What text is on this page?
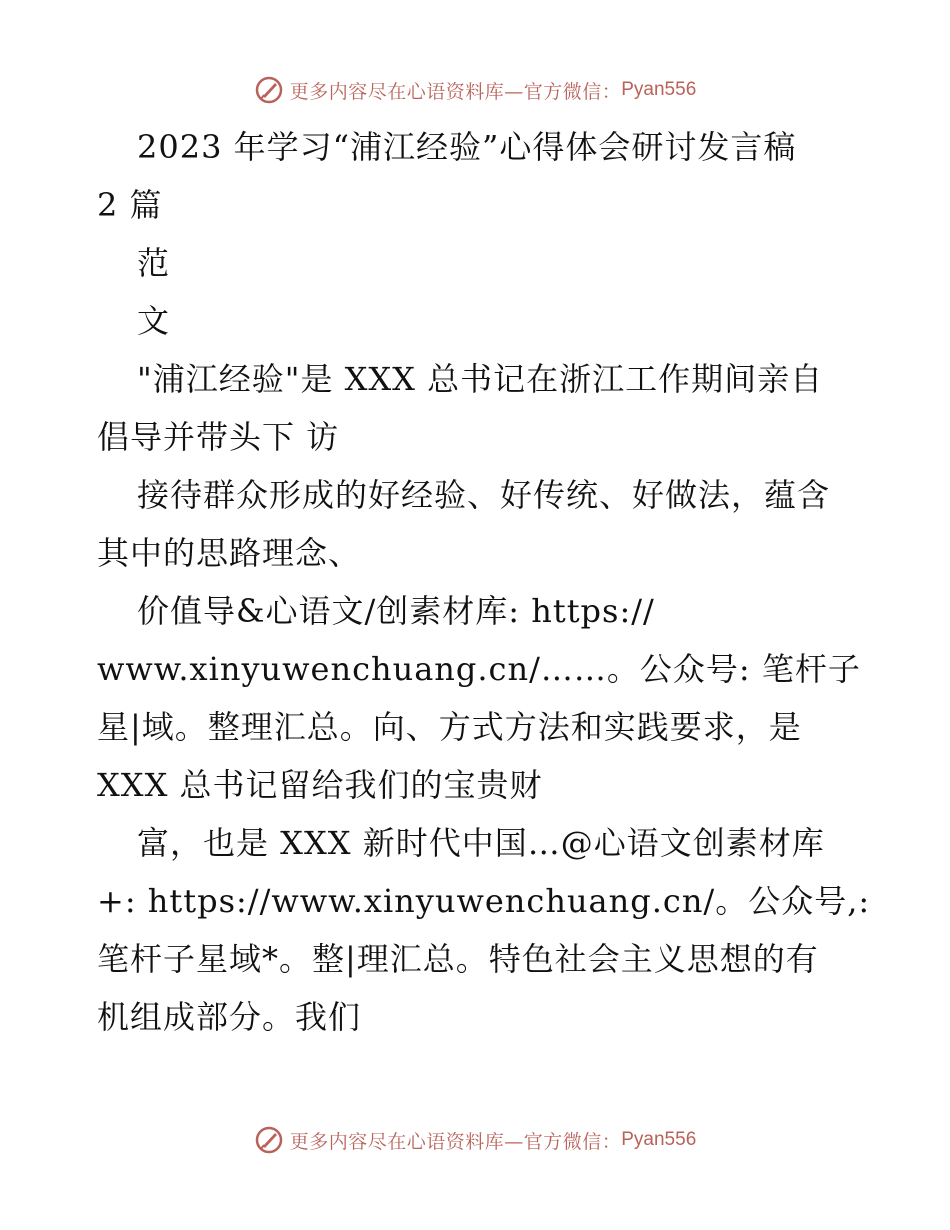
更多内容尽在心语资料库—官方微信： Pyan556
2023 年学习“浦江经验”心得体会研讨发言稿
2 篇
范
文
"浦江经验"是 XXX 总书记在浙江工作期间亲自
倡导并带头下 访
接待群众形成的好经验、好传统、好做法，蕴含
其中的思路理念、
价值导&心语文/创素材库: https://
www.xinyuwenchuang.cn/……。公众号: 笔杆子
星|域。整理汇总。向、方式方法和实践要求，是
XXX 总书记留给我们的宝贵财
富，也是 XXX 新时代中国…@心语文创素材库
+: https://www.xinyuwenchuang.cn/。公众号,:
笔杆子星域*。整|理汇总。特色社会主义思想的有
机组成部分。我们
更多内容尽在心语资料库—官方微信： Pyan556
